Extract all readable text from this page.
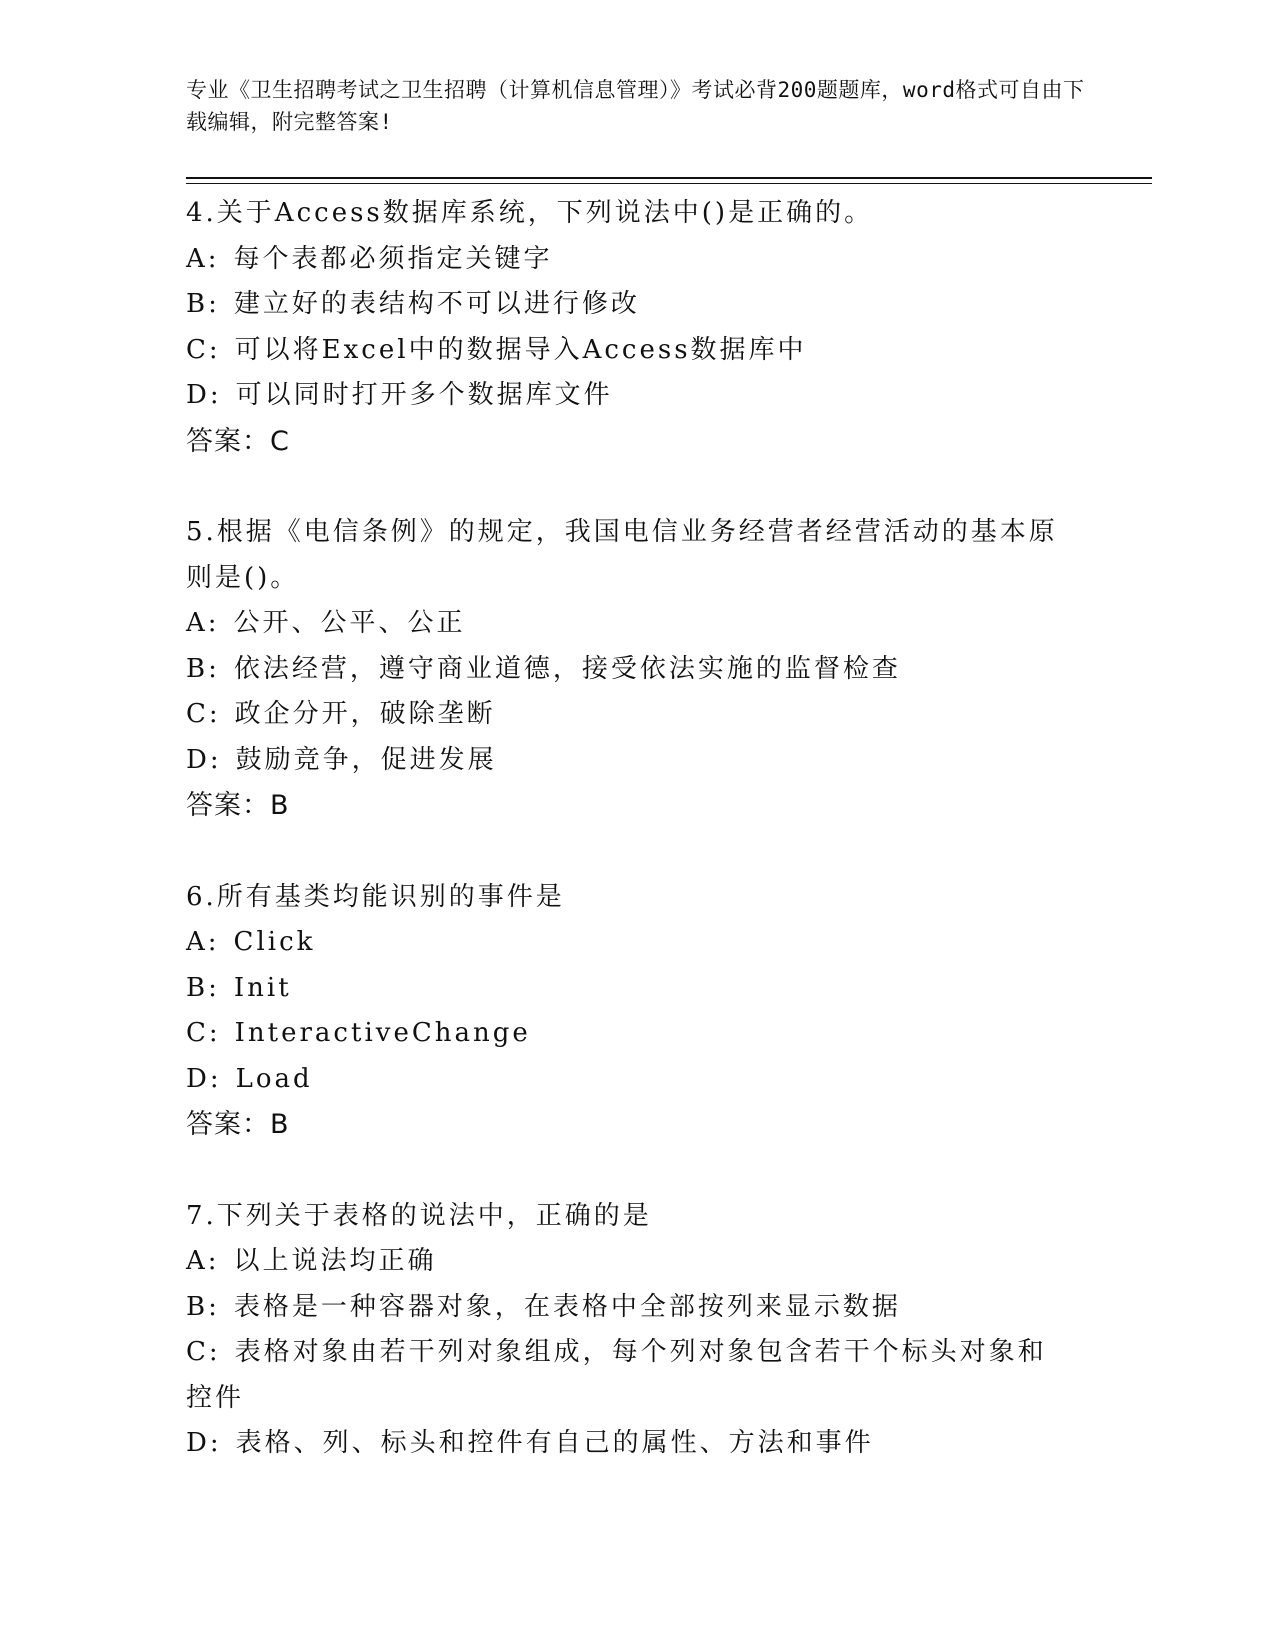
专业《卫生招聘考试之卫生招聘（计算机信息管理）》考试必背200题题库，word格式可自由下载编辑，附完整答案!
4.关于Access数据库系统，下列说法中()是正确的。
A: 每个表都必须指定关键字
B: 建立好的表结构不可以进行修改
C: 可以将Excel中的数据导入Access数据库中
D: 可以同时打开多个数据库文件
答案：C
5.根据《电信条例》的规定，我国电信业务经营者经营活动的基本原则是()。
A: 公开、公平、公正
B: 依法经营，遵守商业道德，接受依法实施的监督检查
C: 政企分开，破除垄断
D: 鼓励竞争，促进发展
答案：B
6.所有基类均能识别的事件是
A: Click
B: Init
C: InteractiveChange
D: Load
答案：B
7.下列关于表格的说法中，正确的是
A: 以上说法均正确
B: 表格是一种容器对象，在表格中全部按列来显示数据
C: 表格对象由若干列对象组成，每个列对象包含若干个标头对象和控件
D: 表格、列、标头和控件有自己的属性、方法和事件
